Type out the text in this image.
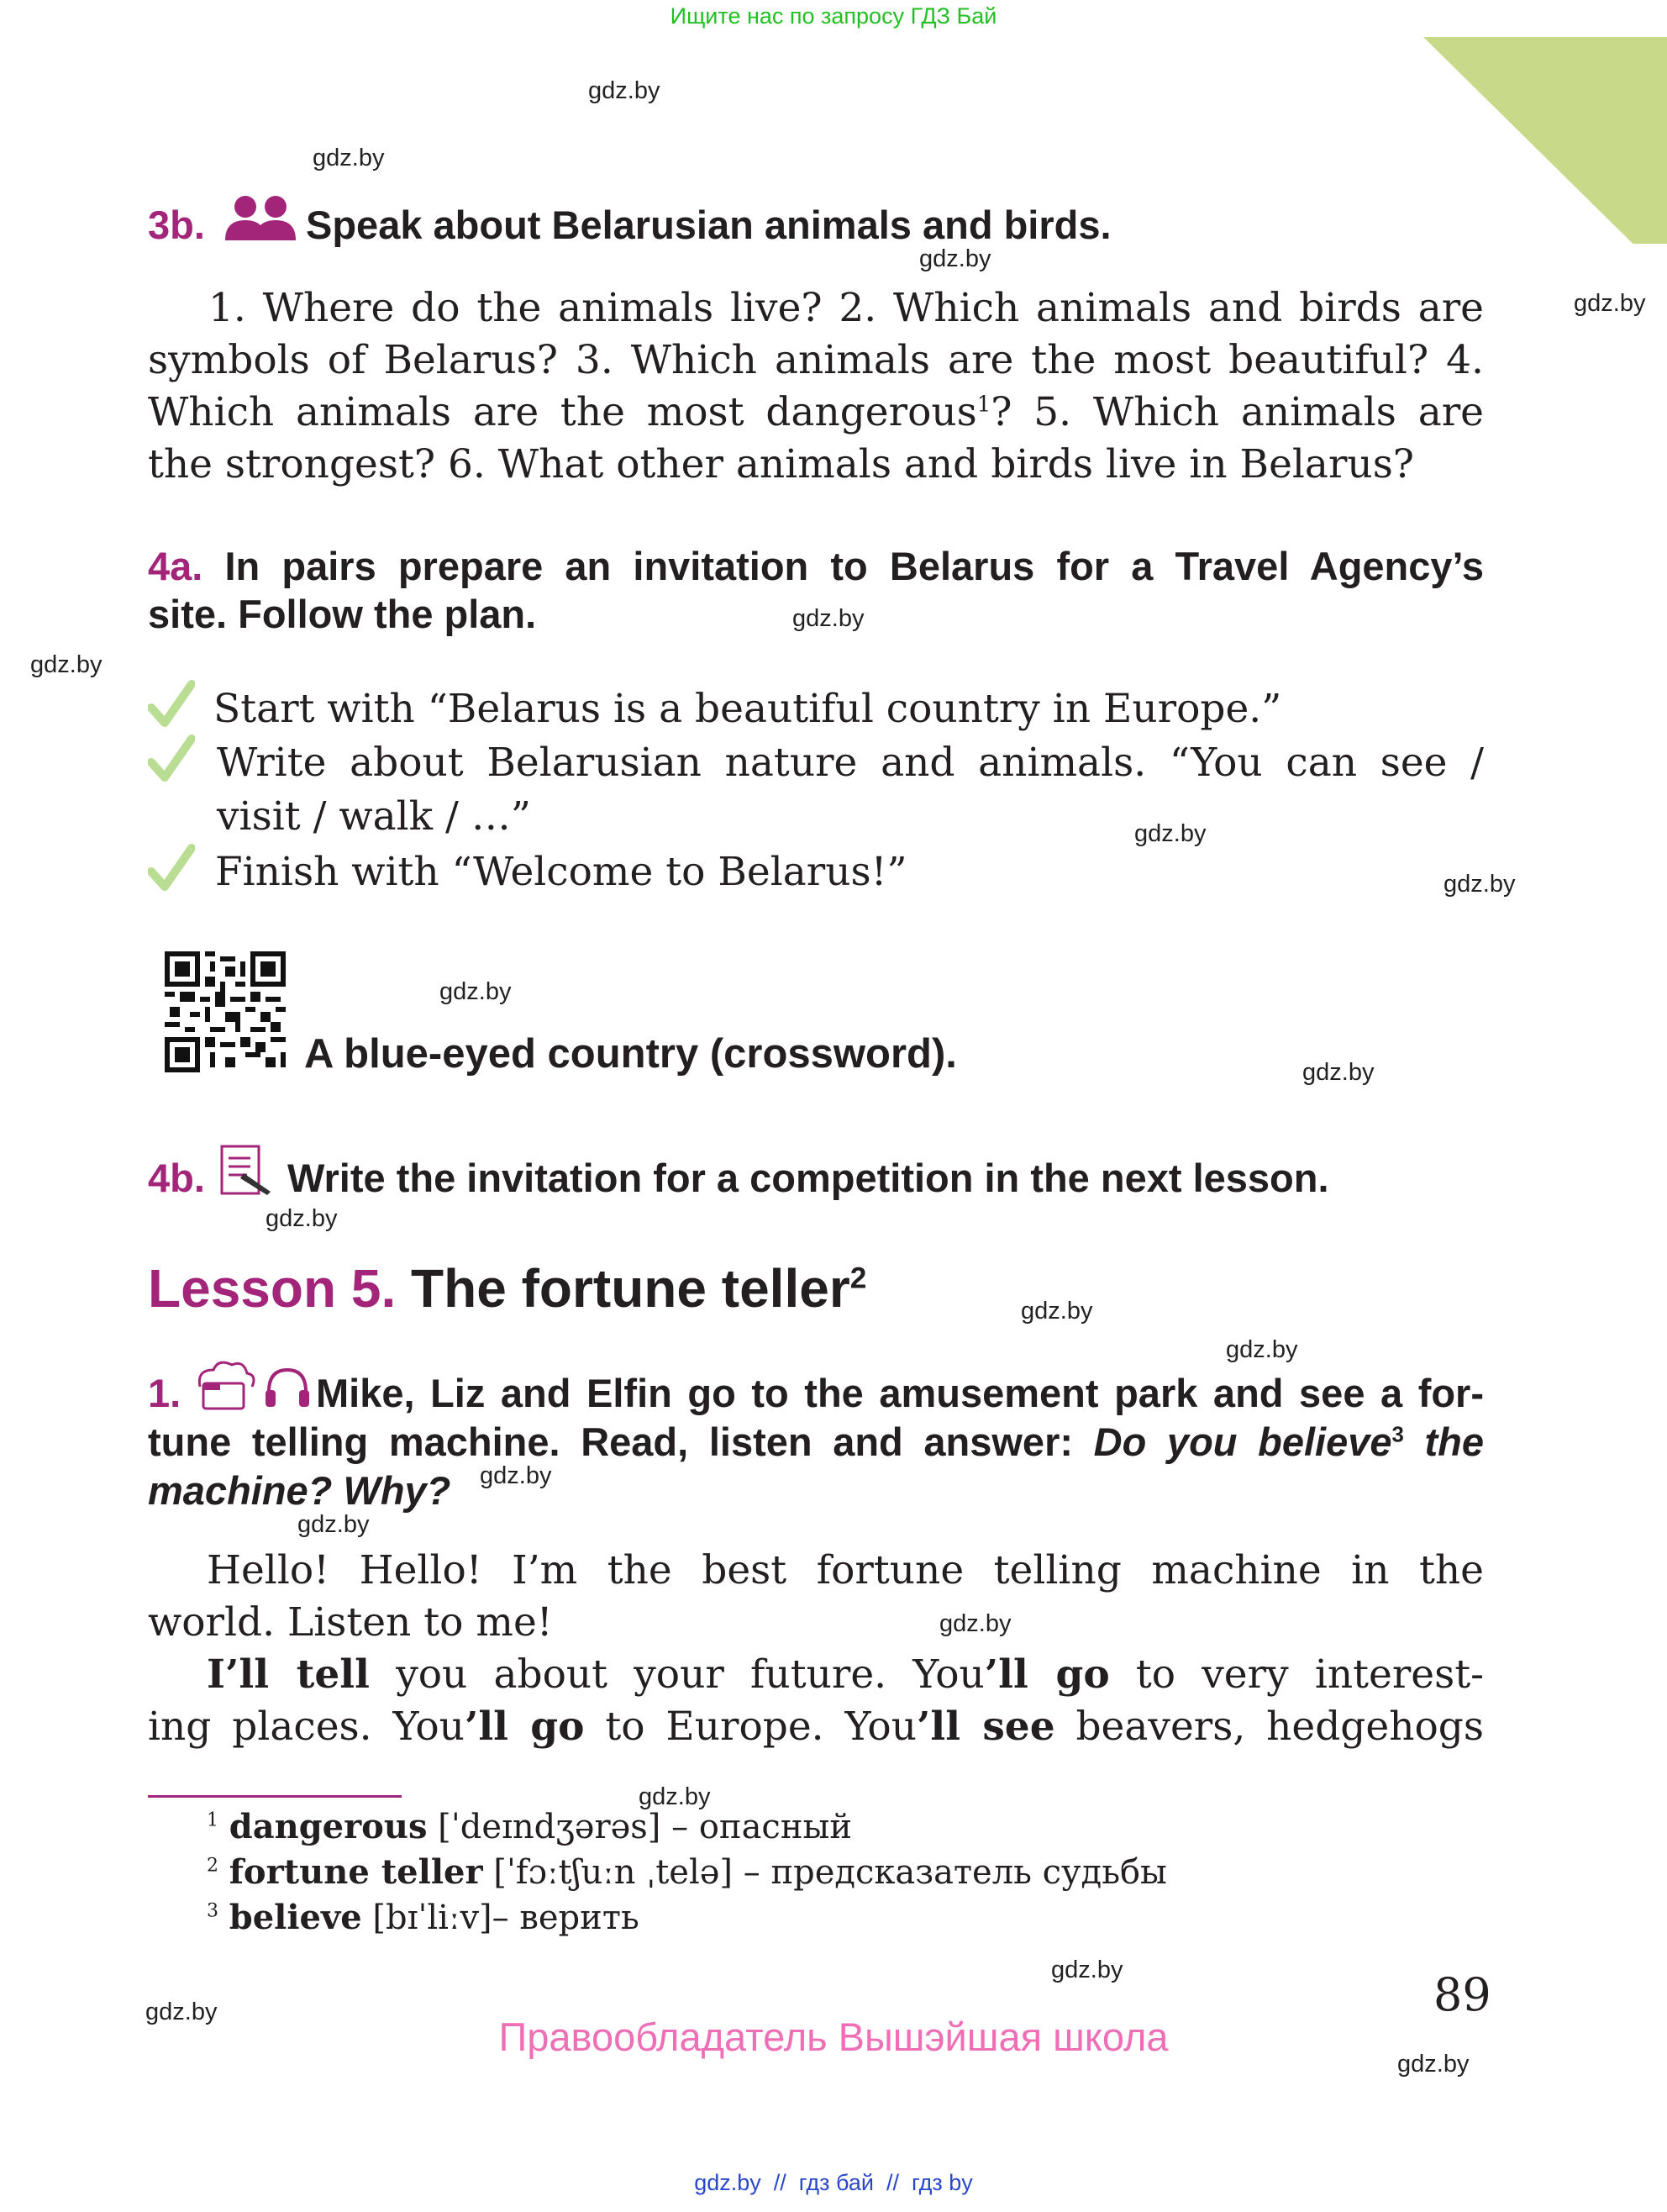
Ищите нас по запросу ГДЗ Бай
gdz.by
gdz.by
gdz.by
gdz.by
gdz.by
gdz.by
gdz.by
gdz.by
gdz.by
gdz.by
gdz.by
gdz.by
gdz.by
gdz.by
gdz.by
gdz.by
gdz.by
gdz.by
gdz.by
gdz.by
3b.	Speak about Belarusian animals and birds.
1. Where do the animals live? 2. Which animals and birds are
symbols of Belarus? 3. Which animals are the most beautiful? 4.
Which animals are the most dangerous$^1$? 5. Which animals are
the strongest? 6. What other animals and birds live in Belarus?
4a. In pairs prepare an invitation to Belarus for a Travel Agency’s
site. Follow the plan.
Start with “Belarus is a beautiful country in Europe.”
Write about Belarusian nature and animals. “You can see /
visit / walk / …”
Finish with “Welcome to Belarus!”
A blue-eyed country (crossword).
4b. Write the invitation for a competition in the next lesson.
Lesson 5. The fortune teller$^2$
1.	Mike, Liz and Elfin go to the amusement park and see a for-
tune telling machine. Read, listen and answer: Do you believe$^3$ the
machine? Why?
Hello! Hello! I’m the best fortune telling machine in the
world. Listen to me!
I’ll tell you about your future. You’ll go to very interest-
ing places. You’ll go to Europe. You’ll see beavers, hedgehogs
$^1$ dangerous [ˈdeɪndʒərəs] – опасный
$^2$ fortune teller [ˈfɔːtʃuːn ˌtelə] – предсказатель судьбы
$^3$ believe [bɪˈliːv]– верить
89
Правообладатель Вышэйшая школа
gdz.by  //  гдз бай  //  гдз by
